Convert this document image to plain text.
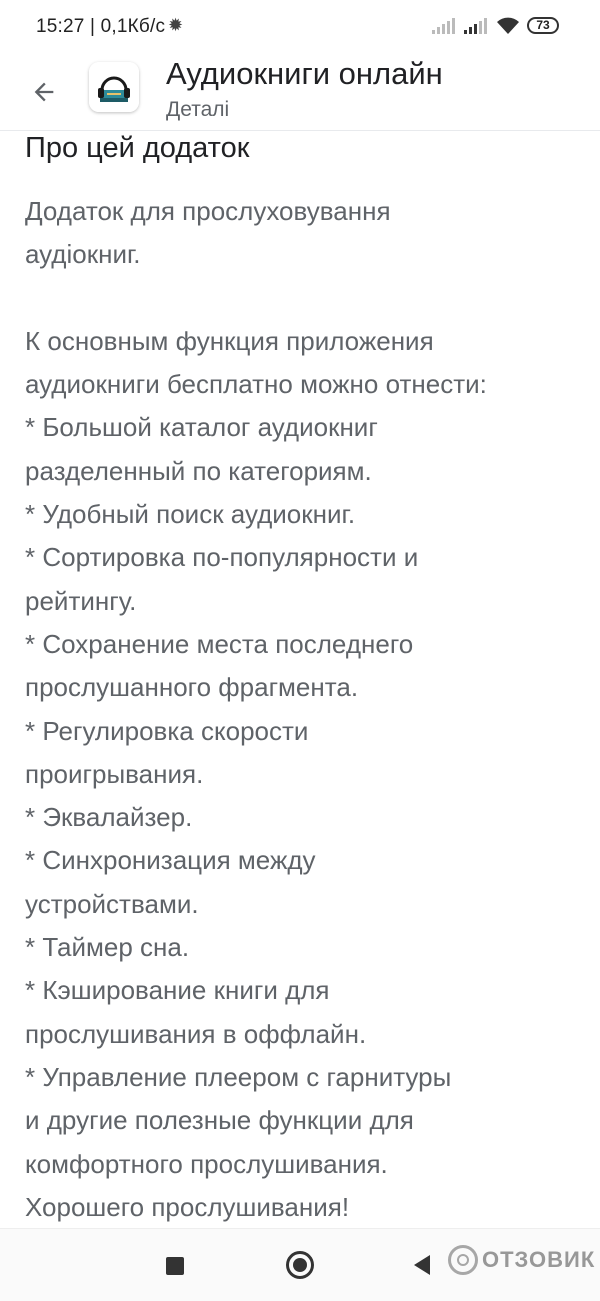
15:27 | 0,1Кб/с ✹	73
Аудиокниги онлайн
Деталі
Про цей додаток
Додаток для прослуховування
аудіокниг.
К основным функция приложения
аудиокниги бесплатно можно отнести:
* Большой каталог аудиокниг
разделенный по категориям.
* Удобный поиск аудиокниг.
* Сортировка по-популярности и
рейтингу.
* Сохранение места последнего
прослушанного фрагмента.
* Регулировка скорости
проигрывания.
* Эквалайзер.
* Синхронизация между
устройствами.
* Таймер сна.
* Кэширование книги для
прослушивания в оффлайн.
* Управление плеером с гарнитуры
и другие полезные функции для
комфортного прослушивания.
Хорошего прослушивания!
ОТЗОВИК
